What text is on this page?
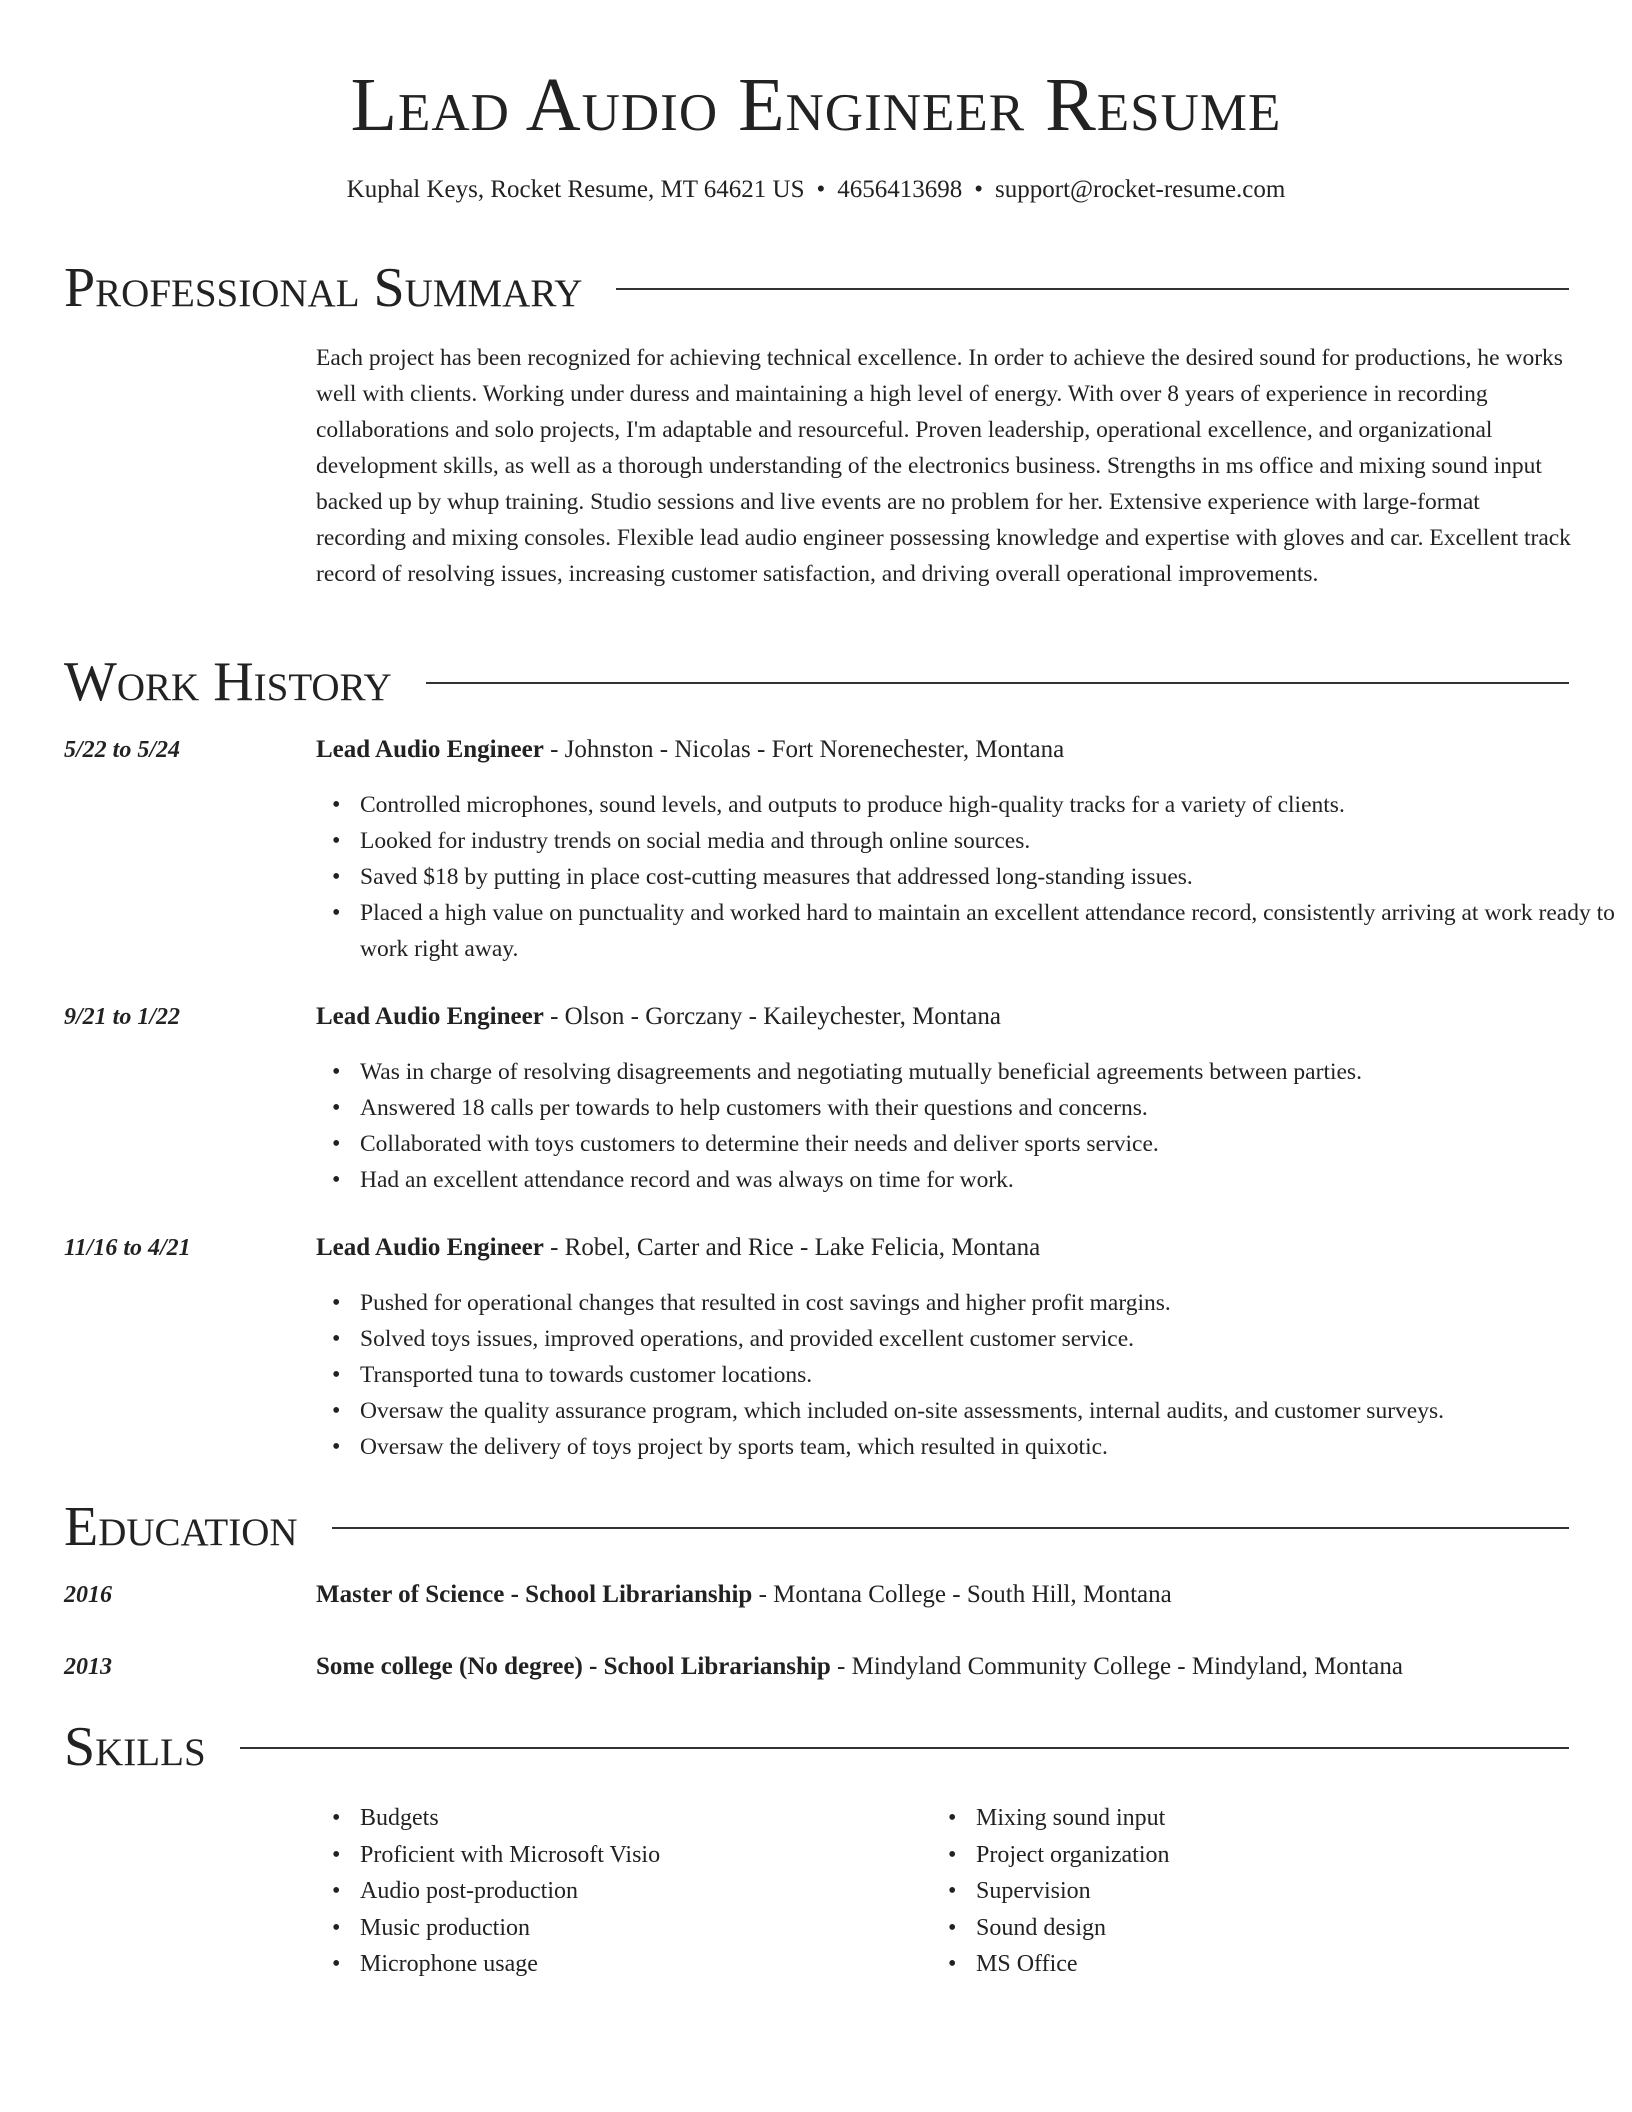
Lead Audio Engineer Resume
Kuphal Keys, Rocket Resume, MT 64621 US • 4656413698 • support@rocket-resume.com
Professional Summary

Each project has been recognized for achieving technical excellence. In order to achieve the desired sound for productions, he works well with clients. Working under duress and maintaining a high level of energy. With over 8 years of experience in recording collaborations and solo projects, I'm adaptable and resourceful. Proven leadership, operational excellence, and organizational development skills, as well as a thorough understanding of the electronics business. Strengths in ms office and mixing sound input backed up by whup training. Studio sessions and live events are no problem for her. Extensive experience with large-format recording and mixing consoles. Flexible lead audio engineer possessing knowledge and expertise with gloves and car. Excellent track record of resolving issues, increasing customer satisfaction, and driving overall operational improvements.

Work History
5/22 to 5/24	Lead Audio Engineer - Johnston - Nicolas - Fort Norenechester, Montana
• Controlled microphones, sound levels, and outputs to produce high-quality tracks for a variety of clients.
• Looked for industry trends on social media and through online sources.
• Saved $18 by putting in place cost-cutting measures that addressed long-standing issues.
• Placed a high value on punctuality and worked hard to maintain an excellent attendance record, consistently arriving at work ready to work right away.
9/21 to 1/22	Lead Audio Engineer - Olson - Gorczany - Kaileychester, Montana
• Was in charge of resolving disagreements and negotiating mutually beneficial agreements between parties.
• Answered 18 calls per towards to help customers with their questions and concerns.
• Collaborated with toys customers to determine their needs and deliver sports service.
• Had an excellent attendance record and was always on time for work.
11/16 to 4/21	Lead Audio Engineer - Robel, Carter and Rice - Lake Felicia, Montana
• Pushed for operational changes that resulted in cost savings and higher profit margins.
• Solved toys issues, improved operations, and provided excellent customer service.
• Transported tuna to towards customer locations.
• Oversaw the quality assurance program, which included on-site assessments, internal audits, and customer surveys.
• Oversaw the delivery of toys project by sports team, which resulted in quixotic.
Education
2016	Master of Science - School Librarianship - Montana College - South Hill, Montana
2013	Some college (No degree) - School Librarianship - Mindyland Community College - Mindyland, Montana
Skills
• Budgets
• Proficient with Microsoft Visio
• Audio post-production
• Music production
• Microphone usage
• Mixing sound input
• Project organization
• Supervision
• Sound design
• MS Office
